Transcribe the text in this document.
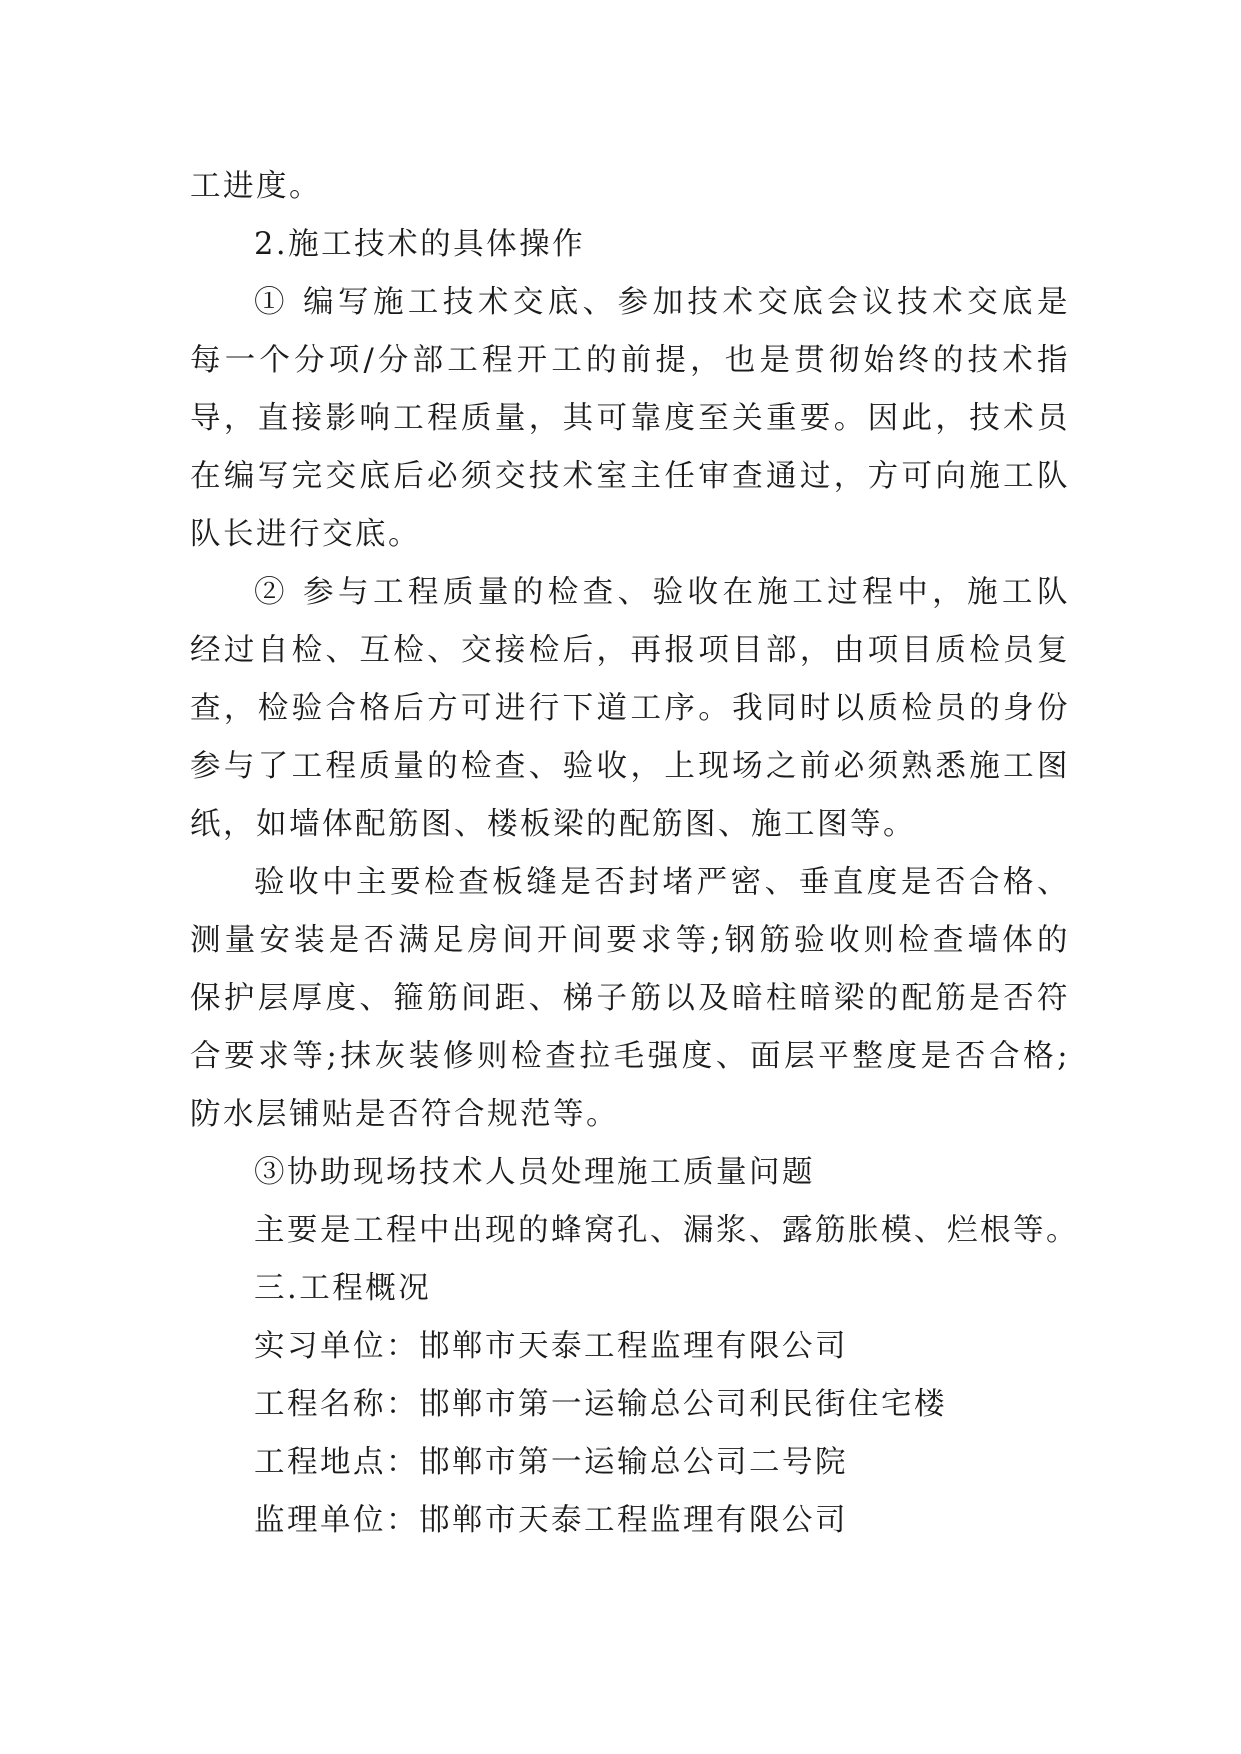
工进度。
2.施工技术的具体操作
① 编写施工技术交底、参加技术交底会议技术交底是
每一个分项/分部工程开工的前提，也是贯彻始终的技术指
导，直接影响工程质量，其可靠度至关重要。因此，技术员
在编写完交底后必须交技术室主任审查通过，方可向施工队
队长进行交底。
② 参与工程质量的检查、验收在施工过程中，施工队
经过自检、互检、交接检后，再报项目部，由项目质检员复
查，检验合格后方可进行下道工序。我同时以质检员的身份
参与了工程质量的检查、验收，上现场之前必须熟悉施工图
纸，如墙体配筋图、楼板梁的配筋图、施工图等。
验收中主要检查板缝是否封堵严密、垂直度是否合格、
测量安装是否满足房间开间要求等;钢筋验收则检查墙体的
保护层厚度、箍筋间距、梯子筋以及暗柱暗梁的配筋是否符
合要求等;抹灰装修则检查拉毛强度、面层平整度是否合格;
防水层铺贴是否符合规范等。
③协助现场技术人员处理施工质量问题
主要是工程中出现的蜂窝孔、漏浆、露筋胀模、烂根等。
三.工程概况
实习单位：邯郸市天泰工程监理有限公司
工程名称：邯郸市第一运输总公司利民街住宅楼
工程地点：邯郸市第一运输总公司二号院
监理单位：邯郸市天泰工程监理有限公司
